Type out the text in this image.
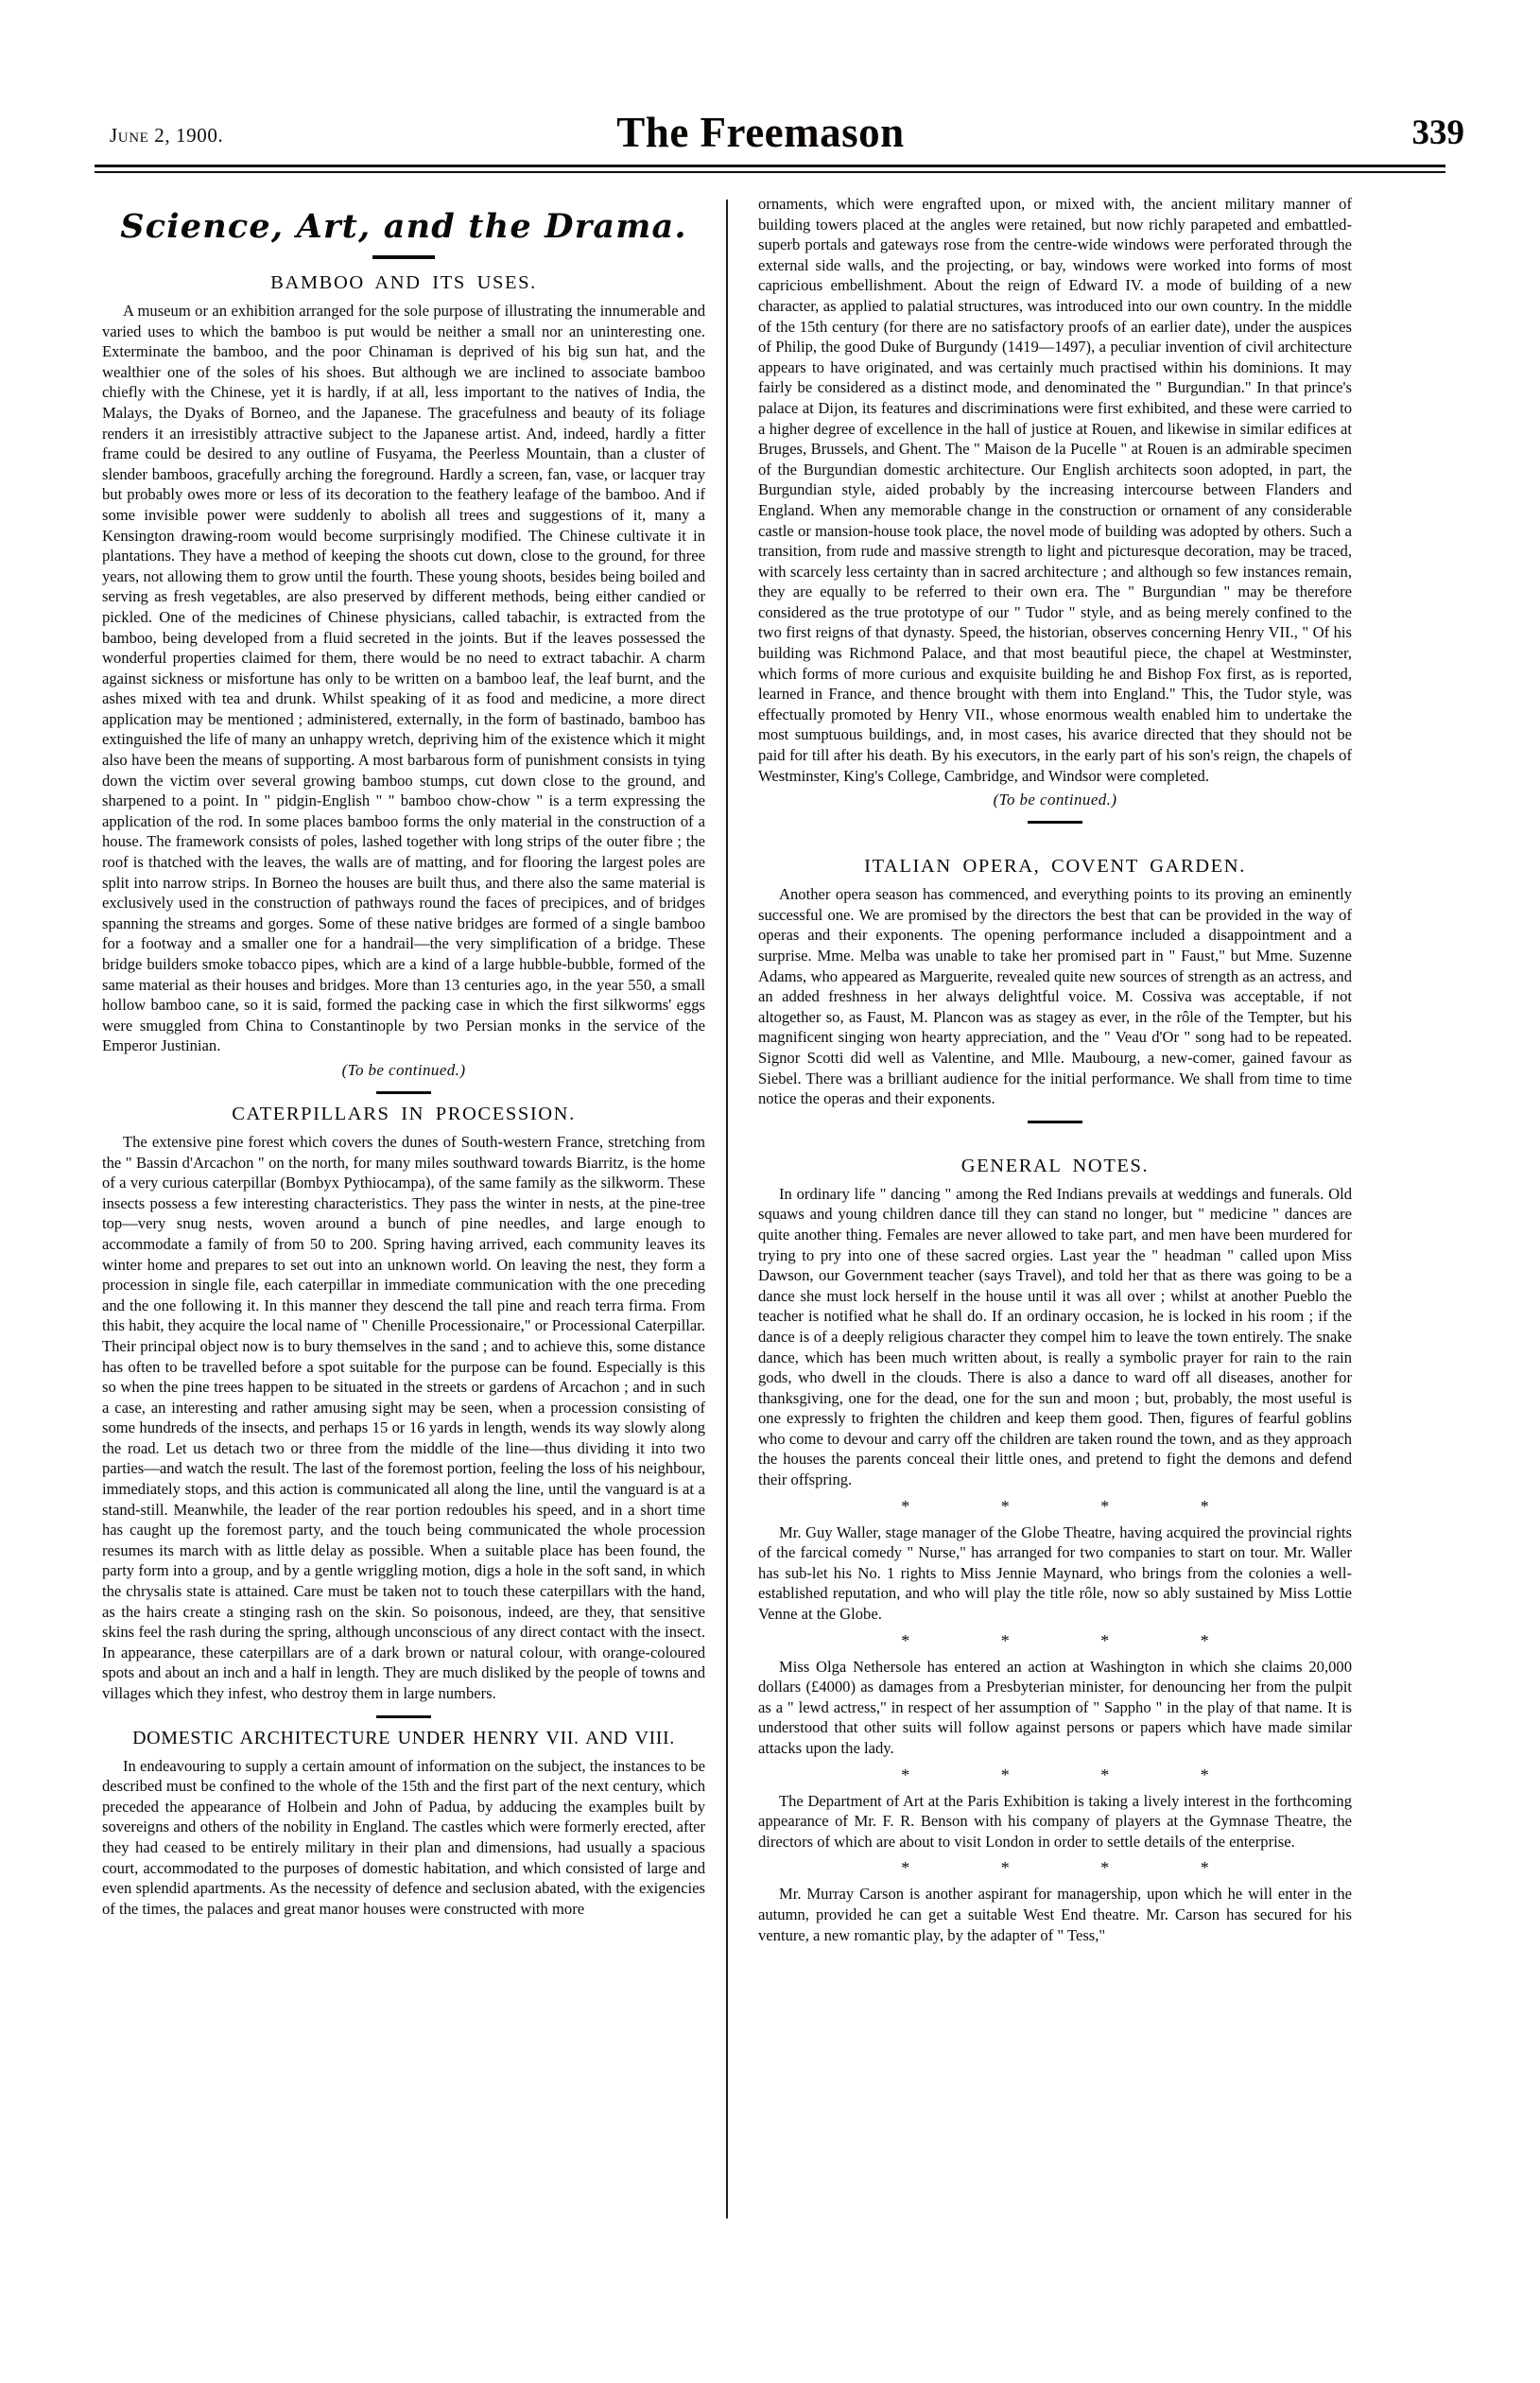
June 2, 1900.	The Freemason	339
Science, Art, and the Drama.
BAMBOO AND ITS USES.

A museum or an exhibition arranged for the sole purpose of illustrating the innumerable and varied uses to which the bamboo is put would be neither a small nor an uninteresting one. Exterminate the bamboo, and the poor Chinaman is deprived of his big sun hat, and the wealthier one of the soles of his shoes. But although we are inclined to associate bamboo chiefly with the Chinese, yet it is hardly, if at all, less important to the natives of India, the Malays, the Dyaks of Borneo, and the Japanese. The gracefulness and beauty of its foliage renders it an irresistibly attractive subject to the Japanese artist. And, indeed, hardly a fitter frame could be desired to any outline of Fusyama, the Peerless Mountain, than a cluster of slender bamboos, gracefully arching the foreground. Hardly a screen, fan, vase, or lacquer tray but probably owes more or less of its decoration to the feathery leafage of the bamboo. And if some invisible power were suddenly to abolish all trees and suggestions of it, many a Kensington drawing-room would become surprisingly modified. The Chinese cultivate it in plantations. They have a method of keeping the shoots cut down, close to the ground, for three years, not allowing them to grow until the fourth. These young shoots, besides being boiled and serving as fresh vegetables, are also preserved by different methods, being either candied or pickled. One of the medicines of Chinese physicians, called tabachir, is extracted from the bamboo, being developed from a fluid secreted in the joints. But if the leaves possessed the wonderful properties claimed for them, there would be no need to extract tabachir. A charm against sickness or misfortune has only to be written on a bamboo leaf, the leaf burnt, and the ashes mixed with tea and drunk. Whilst speaking of it as food and medicine, a more direct application may be mentioned ; administered, externally, in the form of bastinado, bamboo has extinguished the life of many an unhappy wretch, depriving him of the existence which it might also have been the means of supporting. A most barbarous form of punishment consists in tying down the victim over several growing bamboo stumps, cut down close to the ground, and sharpened to a point. In " pidgin-English " " bamboo chow-chow " is a term expressing the application of the rod. In some places bamboo forms the only material in the construction of a house. The framework consists of poles, lashed together with long strips of the outer fibre ; the roof is thatched with the leaves, the walls are of matting, and for flooring the largest poles are split into narrow strips. In Borneo the houses are built thus, and there also the same material is exclusively used in the construction of pathways round the faces of precipices, and of bridges spanning the streams and gorges. Some of these native bridges are formed of a single bamboo for a footway and a smaller one for a handrail—the very simplification of a bridge. These bridge builders smoke tobacco pipes, which are a kind of a large hubble-bubble, formed of the same material as their houses and bridges. More than 13 centuries ago, in the year 550, a small hollow bamboo cane, so it is said, formed the packing case in which the first silkworms' eggs were smuggled from China to Constantinople by two Persian monks in the service of the Emperor Justinian.

(To be continued.)
CATERPILLARS IN PROCESSION.

The extensive pine forest which covers the dunes of South-western France, stretching from the " Bassin d'Arcachon " on the north, for many miles southward towards Biarritz, is the home of a very curious caterpillar (Bombyx Pythiocampa), of the same family as the silkworm. These insects possess a few interesting characteristics. They pass the winter in nests, at the pine-tree top—very snug nests, woven around a bunch of pine needles, and large enough to accommodate a family of from 50 to 200. Spring having arrived, each community leaves its winter home and prepares to set out into an unknown world. On leaving the nest, they form a procession in single file, each caterpillar in immediate communication with the one preceding and the one following it. In this manner they descend the tall pine and reach terra firma. From this habit, they acquire the local name of " Chenille Processionaire," or Processional Caterpillar. Their principal object now is to bury themselves in the sand ; and to achieve this, some distance has often to be travelled before a spot suitable for the purpose can be found. Especially is this so when the pine trees happen to be situated in the streets or gardens of Arcachon ; and in such a case, an interesting and rather amusing sight may be seen, when a procession consisting of some hundreds of the insects, and perhaps 15 or 16 yards in length, wends its way slowly along the road. Let us detach two or three from the middle of the line—thus dividing it into two parties—and watch the result. The last of the foremost portion, feeling the loss of his neighbour, immediately stops, and this action is communicated all along the line, until the vanguard is at a stand-still. Meanwhile, the leader of the rear portion redoubles his speed, and in a short time has caught up the foremost party, and the touch being communicated the whole procession resumes its march with as little delay as possible. When a suitable place has been found, the party form into a group, and by a gentle wriggling motion, digs a hole in the soft sand, in which the chrysalis state is attained. Care must be taken not to touch these caterpillars with the hand, as the hairs create a stinging rash on the skin. So poisonous, indeed, are they, that sensitive skins feel the rash during the spring, although unconscious of any direct contact with the insect. In appearance, these caterpillars are of a dark brown or natural colour, with orange-coloured spots and about an inch and a half in length. They are much disliked by the people of towns and villages which they infest, who destroy them in large numbers.

DOMESTIC ARCHITECTURE UNDER HENRY VII. AND VIII.

In endeavouring to supply a certain amount of information on the subject, the instances to be described must be confined to the whole of the 15th and the first part of the next century, which preceded the appearance of Holbein and John of Padua, by adducing the examples built by sovereigns and others of the nobility in England. The castles which were formerly erected, after they had ceased to be entirely military in their plan and dimensions, had usually a spacious court, accommodated to the purposes of domestic habitation, and which consisted of large and even splendid apartments. As the necessity of defence and seclusion abated, with the exigencies of the times, the palaces and great manor houses were constructed with more

ornaments, which were engrafted upon, or mixed with, the ancient military manner of building towers placed at the angles were retained, but now richly parapeted and embattled-superb portals and gateways rose from the centre-wide windows were perforated through the external side walls, and the projecting, or bay, windows were worked into forms of most capricious embellishment. About the reign of Edward IV. a mode of building of a new character, as applied to palatial structures, was introduced into our own country. In the middle of the 15th century (for there are no satisfactory proofs of an earlier date), under the auspices of Philip, the good Duke of Burgundy (1419—1497), a peculiar invention of civil architecture appears to have originated, and was certainly much practised within his dominions. It may fairly be considered as a distinct mode, and denominated the " Burgundian." In that prince's palace at Dijon, its features and discriminations were first exhibited, and these were carried to a higher degree of excellence in the hall of justice at Rouen, and likewise in similar edifices at Bruges, Brussels, and Ghent. The " Maison de la Pucelle " at Rouen is an admirable specimen of the Burgundian domestic architecture. Our English architects soon adopted, in part, the Burgundian style, aided probably by the increasing intercourse between Flanders and England. When any memorable change in the construction or ornament of any considerable castle or mansion-house took place, the novel mode of building was adopted by others. Such a transition, from rude and massive strength to light and picturesque decoration, may be traced, with scarcely less certainty than in sacred architecture ; and although so few instances remain, they are equally to be referred to their own era. The " Burgundian " may be therefore considered as the true prototype of our " Tudor " style, and as being merely confined to the two first reigns of that dynasty. Speed, the historian, observes concerning Henry VII., " Of his building was Richmond Palace, and that most beautiful piece, the chapel at Westminster, which forms of more curious and exquisite building he and Bishop Fox first, as is reported, learned in France, and thence brought with them into England." This, the Tudor style, was effectually promoted by Henry VII., whose enormous wealth enabled him to undertake the most sumptuous buildings, and, in most cases, his avarice directed that they should not be paid for till after his death. By his executors, in the early part of his son's reign, the chapels of Westminster, King's College, Cambridge, and Windsor were completed.

(To be continued.)
ITALIAN OPERA, COVENT GARDEN.

Another opera season has commenced, and everything points to its proving an eminently successful one. We are promised by the directors the best that can be provided in the way of operas and their exponents. The opening performance included a disappointment and a surprise. Mme. Melba was unable to take her promised part in " Faust," but Mme. Suzenne Adams, who appeared as Marguerite, revealed quite new sources of strength as an actress, and an added freshness in her always delightful voice. M. Cossiva was acceptable, if not altogether so, as Faust, M. Plancon was as stagey as ever, in the rôle of the Tempter, but his magnificent singing won hearty appreciation, and the " Veau d'Or " song had to be repeated. Signor Scotti did well as Valentine, and Mlle. Maubourg, a new-comer, gained favour as Siebel. There was a brilliant audience for the initial performance. We shall from time to time notice the operas and their exponents.

GENERAL NOTES.

In ordinary life " dancing " among the Red Indians prevails at weddings and funerals. Old squaws and young children dance till they can stand no longer, but " medicine " dances are quite another thing. Females are never allowed to take part, and men have been murdered for trying to pry into one of these sacred orgies. Last year the " headman " called upon Miss Dawson, our Government teacher (says Travel), and told her that as there was going to be a dance she must lock herself in the house until it was all over ; whilst at another Pueblo the teacher is notified what he shall do. If an ordinary occasion, he is locked in his room ; if the dance is of a deeply religious character they compel him to leave the town entirely. The snake dance, which has been much written about, is really a symbolic prayer for rain to the rain gods, who dwell in the clouds. There is also a dance to ward off all diseases, another for thanksgiving, one for the dead, one for the sun and moon ; but, probably, the most useful is one expressly to frighten the children and keep them good. Then, figures of fearful goblins who come to devour and carry off the children are taken round the town, and as they approach the houses the parents conceal their little ones, and pretend to fight the demons and defend their offspring.

* * * *

Mr. Guy Waller, stage manager of the Globe Theatre, having acquired the provincial rights of the farcical comedy " Nurse," has arranged for two companies to start on tour. Mr. Waller has sub-let his No. 1 rights to Miss Jennie Maynard, who brings from the colonies a well-established reputation, and who will play the title rôle, now so ably sustained by Miss Lottie Venne at the Globe.

* * * *

Miss Olga Nethersole has entered an action at Washington in which she claims 20,000 dollars (£4000) as damages from a Presbyterian minister, for denouncing her from the pulpit as a " lewd actress," in respect of her assumption of " Sappho " in the play of that name. It is understood that other suits will follow against persons or papers which have made similar attacks upon the lady.

* * * *

The Department of Art at the Paris Exhibition is taking a lively interest in the forthcoming appearance of Mr. F. R. Benson with his company of players at the Gymnase Theatre, the directors of which are about to visit London in order to settle details of the enterprise.

* * * *

Mr. Murray Carson is another aspirant for managership, upon which he will enter in the autumn, provided he can get a suitable West End theatre. Mr. Carson has secured for his venture, a new romantic play, by the adapter of " Tess,"
